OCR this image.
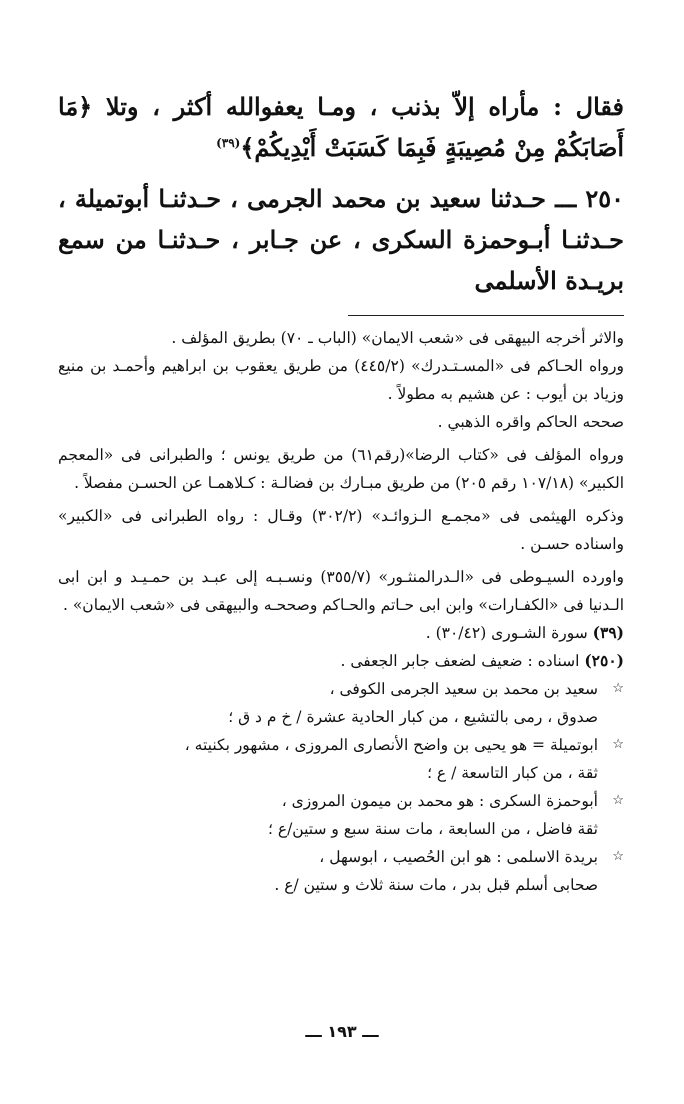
فقال : مأراه إلاّ بذنب ، ومـا يعفوالله أكثر ، وتلا ﴿مَا أَصَابَكُمْ مِنْ مُصِيبَةٍ فَبِمَا كَسَبَتْ أَيْدِيكُمْ﴾$^{(٣٩)}$

٢٥٠ ـــ حـدثنا سعيد بن محمد الجرمى ، حـدثنـا أبوتميلة ، حـدثنـا أبـوحمزة السكرى ، عن جـابر ، حـدثنـا من سمع بريـدة الأسلمى

والاثر أخرجه البيهقى فى «شعب الايمان» (الباب ـ ٧٠) بطريق المؤلف .

ورواه الحـاكم فى «المسـتـدرك» (٤٤٥/٢) من طريق يعقوب بن ابراهيم وأحمـد بن منيع وزياد بن أيوب : عن هشيم به مطولاً .

صححه الحاكم واقره الذهبي .

ورواه المؤلف فى «كتاب الرضا»(رقم٦١) من طريق يونس ؛ والطبرانى فى «المعجم الكبير» (١٠٧/١٨ رقم ٢٠٥) من طريق مبـارك بن فضالـة : كـلاهمـا عن الحسـن مفصلاً .

وذكره الهيثمى فى «مجمـع الـزوائـد» (٣٠٢/٢) وقـال : رواه الطبرانى فى «الكبير» واسناده حسـن .

واورده السيـوطى فى «الـدرالمنثـور» (٣٥٥/٧) ونسـبـه إلى عبـد بن حمـيـد و ابن ابى الـدنيا فى «الكفـارات» وابن ابى حـاتم والحـاكم وصححـه والبيهقى فى «شعب الايمان» .

(٣٩) سورة الشـورى (٣٠/٤٢) .

(٢٥٠) اسناده : ضعيف لضعف جابر الجعفى .

☆
سعيد بن محمد بن سعيد الجرمى الكوفى ،

صدوق ، رمى بالتشيع ، من كبار الحادية عشرة / خ م د ق ؛

☆
ابوتميلة = هو يحيى بن واضح الأنصارى المروزى ، مشهور بكنيته ،

ثقة ، من كبار التاسعة / ع ؛

☆
أبوحمزة السكرى : هو محمد بن ميمون المروزى ،

ثقة فاضل ، من السابعة ، مات سنة سبع و ستين/ع ؛

☆
بريدة الاسلمى : هو ابن الحُصيب ، ابوسهل ،

صحابى أسلم قبل بدر ، مات سنة ثلاث و ستين /ع .

ـــ ١٩٣ ـــ
